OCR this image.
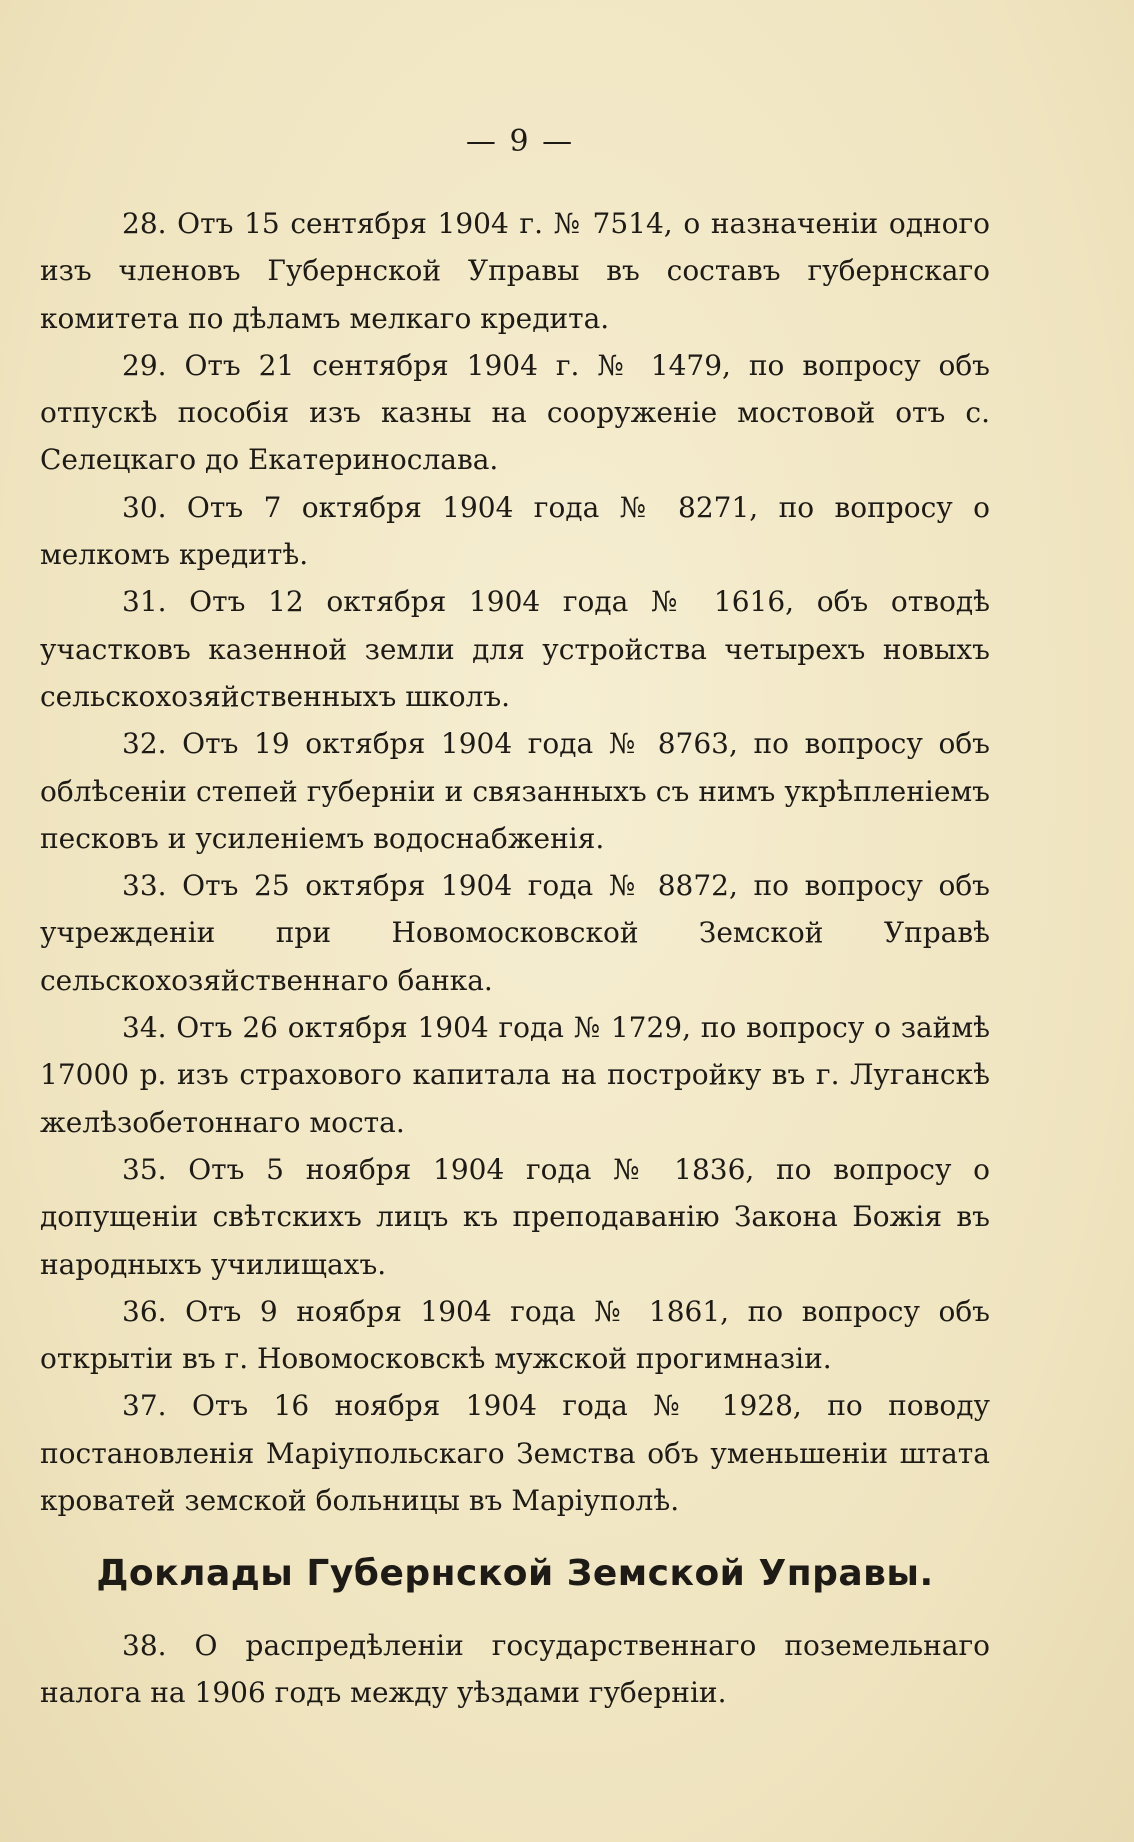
— 9 —

28. Отъ 15 сентября 1904 г. № 7514, о назначеніи одного изъ членовъ Губернской Управы въ составъ губернскаго комитета по дѣламъ мелкаго кредита.

29. Отъ 21 сентября 1904 г. № 1479, по вопросу объ отпускѣ пособія изъ казны на сооруженіе мостовой отъ с. Селецкаго до Екатеринослава.

30. Отъ 7 октября 1904 года № 8271, по вопросу о мелкомъ кредитѣ.

31. Отъ 12 октября 1904 года № 1616, объ отводѣ участковъ казенной земли для устройства четырехъ новыхъ сельскохозяйственныхъ школъ.

32. Отъ 19 октября 1904 года № 8763, по вопросу объ облѣсеніи степей губерніи и связанныхъ съ нимъ укрѣпленіемъ песковъ и усиленіемъ водоснабженія.

33. Отъ 25 октября 1904 года № 8872, по вопросу объ учрежденіи при Новомосковской Земской Управѣ сельскохозяйственнаго банка.

34. Отъ 26 октября 1904 года № 1729, по вопросу о займѣ 17000 р. изъ страхового капитала на постройку въ г. Луганскѣ желѣзобетоннаго моста.

35. Отъ 5 ноября 1904 года № 1836, по вопросу о допущеніи свѣтскихъ лицъ къ преподаванію Закона Божія въ народныхъ училищахъ.

36. Отъ 9 ноября 1904 года № 1861, по вопросу объ открытіи въ г. Новомосковскѣ мужской прогимназіи.

37. Отъ 16 ноября 1904 года № 1928, по поводу постановленія Маріупольскаго Земства объ уменьшеніи штата кроватей земской больницы въ Маріуполѣ.

Доклады Губернской Земской Управы.

38. О распредѣленіи государственнаго поземельнаго налога на 1906 годъ между уѣздами губерніи.
